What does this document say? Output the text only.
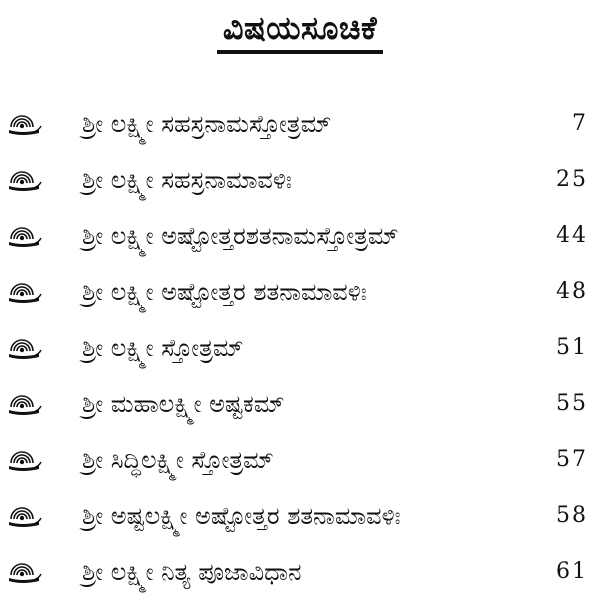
ವಿಷಯಸೂಚಿಕೆ
ಶ್ರೀ ಲಕ್ಷ್ಮೀ ಸಹಸ್ರನಾಮಸ್ತೋತ್ರಮ್	7
ಶ್ರೀ ಲಕ್ಷ್ಮೀ ಸಹಸ್ರನಾಮಾವಳಿಃ	25
ಶ್ರೀ ಲಕ್ಷ್ಮೀ ಅಷ್ಟೋತ್ತರಶತನಾಮಸ್ತೋತ್ರಮ್	44
ಶ್ರೀ ಲಕ್ಷ್ಮೀ ಅಷ್ಟೋತ್ತರ ಶತನಾಮಾವಳಿಃ	48
ಶ್ರೀ ಲಕ್ಷ್ಮೀ ಸ್ತೋತ್ರಮ್	51
ಶ್ರೀ ಮಹಾಲಕ್ಷ್ಮೀ ಅಷ್ಟಕಮ್	55
ಶ್ರೀ ಸಿದ್ಧಿಲಕ್ಷ್ಮೀ ಸ್ತೋತ್ರಮ್	57
ಶ್ರೀ ಅಷ್ಟಲಕ್ಷ್ಮೀ ಅಷ್ಟೋತ್ತರ ಶತನಾಮಾವಳಿಃ	58
ಶ್ರೀ ಲಕ್ಷ್ಮೀ ನಿತ್ಯ ಪೂಜಾವಿಧಾನ	61
